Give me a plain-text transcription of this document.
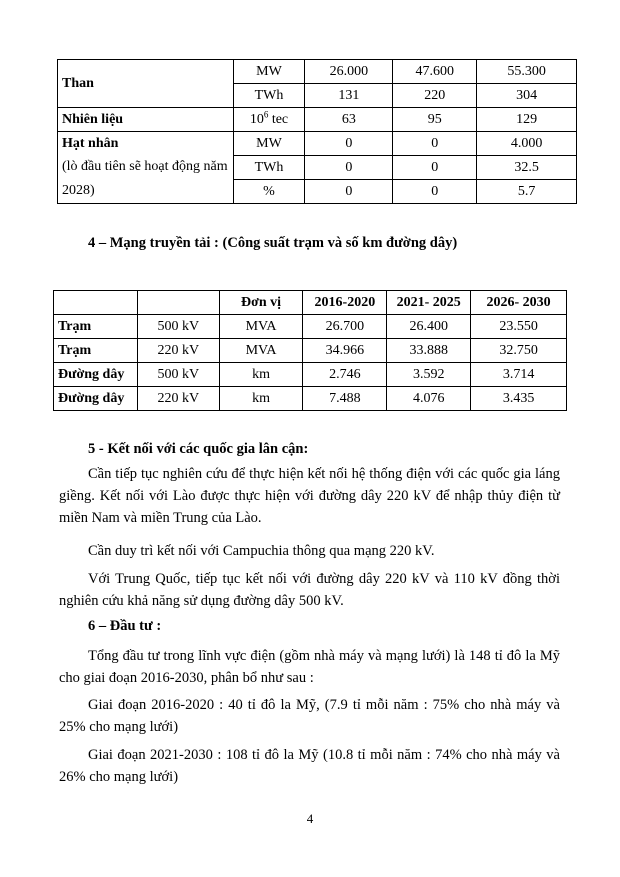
Than	MW	26.000	47.600	55.300
	TWh	131	220	304
Nhiên liệu	$10^6$ tec	63	95	129

Hạt nhân
(lò đầu tiên sẽ hoạt động năm 2028)	MW	0	0	4.000
	TWh	0	0	32.5
	%	0	0	5.7
4 – Mạng truyền tải : (Công suất trạm và số km đường dây)
		Đơn vị	2016-2020	2021- 2025	2026- 2030
Trạm	500 kV	MVA	26.700	26.400	23.550
Trạm	220 kV	MVA	34.966	33.888	32.750
Đường dây	500 kV	km	2.746	3.592	3.714
Đường dây	220 kV	km	7.488	4.076	3.435
5 - Kết nối với các quốc gia lân cận:
Cần tiếp tục nghiên cứu để thực hiện kết nối hệ thống điện với các quốc gia láng giềng. Kết nối với Lào được thực hiện với đường dây 220 kV để nhập thủy điện từ miền Nam và miền Trung của Lào.
Cần duy trì kết nối với Campuchia thông qua mạng 220 kV.
Với Trung Quốc, tiếp tục kết nối với đường dây 220 kV và 110 kV đồng thời nghiên cứu khả năng sử dụng đường dây 500 kV.
6 – Đầu tư :
Tổng đầu tư trong lĩnh vực điện (gồm nhà máy và mạng lưới) là 148 tỉ đô la Mỹ cho giai đoạn 2016-2030, phân bổ như sau :
Giai đoạn 2016-2020 : 40 tỉ đô la Mỹ, (7.9 tỉ mỗi năm : 75% cho nhà máy và 25% cho mạng lưới)
Giai đoạn 2021-2030 : 108 tỉ đô la Mỹ (10.8 tỉ mỗi năm : 74% cho nhà máy và 26% cho mạng lưới)
4
